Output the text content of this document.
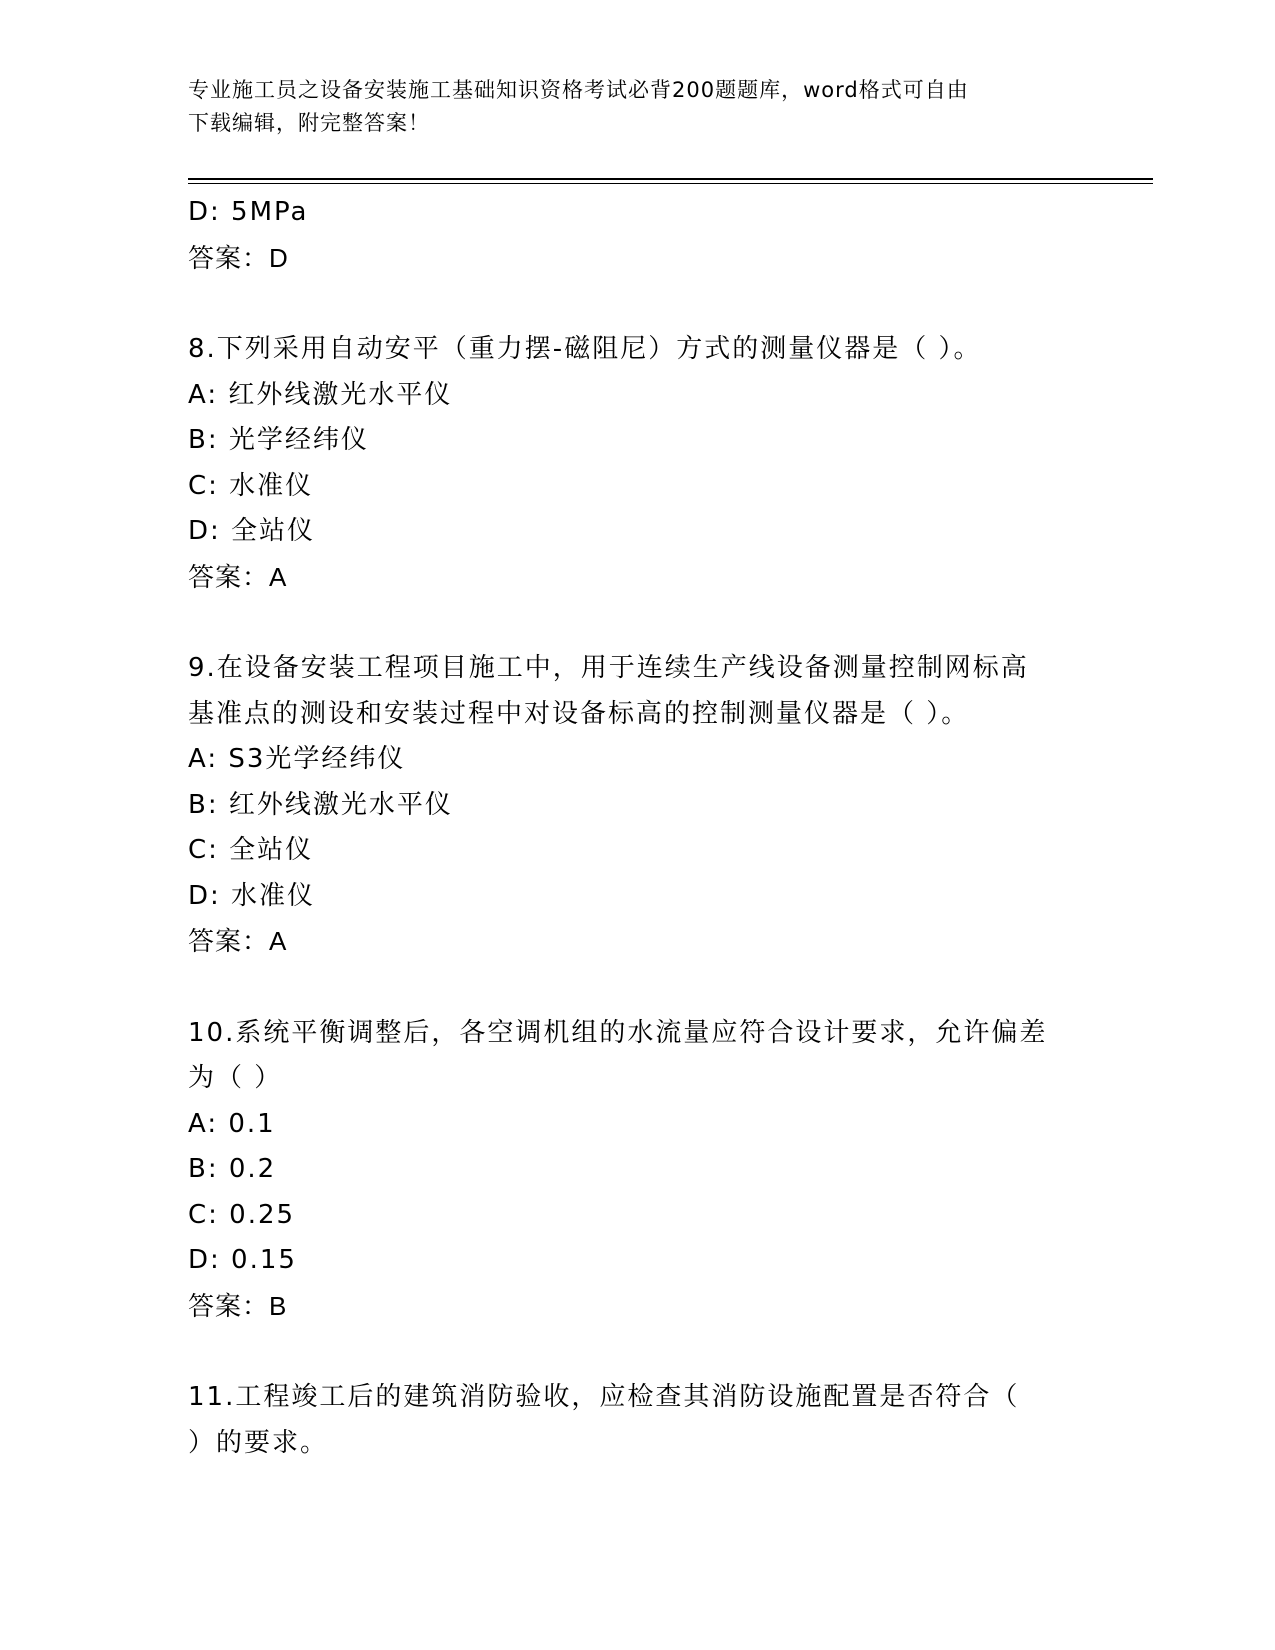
专业施工员之设备安装施工基础知识资格考试必背200题题库，word格式可自由
下载编辑，附完整答案！
D: 5MPa
答案：D
8.下列采用自动安平（重力摆-磁阻尼）方式的测量仪器是（ ）。
A: 红外线激光水平仪
B: 光学经纬仪
C: 水准仪
D: 全站仪
答案：A
9.在设备安装工程项目施工中，用于连续生产线设备测量控制网标高
基准点的测设和安装过程中对设备标高的控制测量仪器是（ ）。
A: S3光学经纬仪
B: 红外线激光水平仪
C: 全站仪
D: 水准仪
答案：A
10.系统平衡调整后，各空调机组的水流量应符合设计要求，允许偏差
为（ ）
A: 0.1
B: 0.2
C: 0.25
D: 0.15
答案：B
11.工程竣工后的建筑消防验收，应检查其消防设施配置是否符合（
）的要求。
